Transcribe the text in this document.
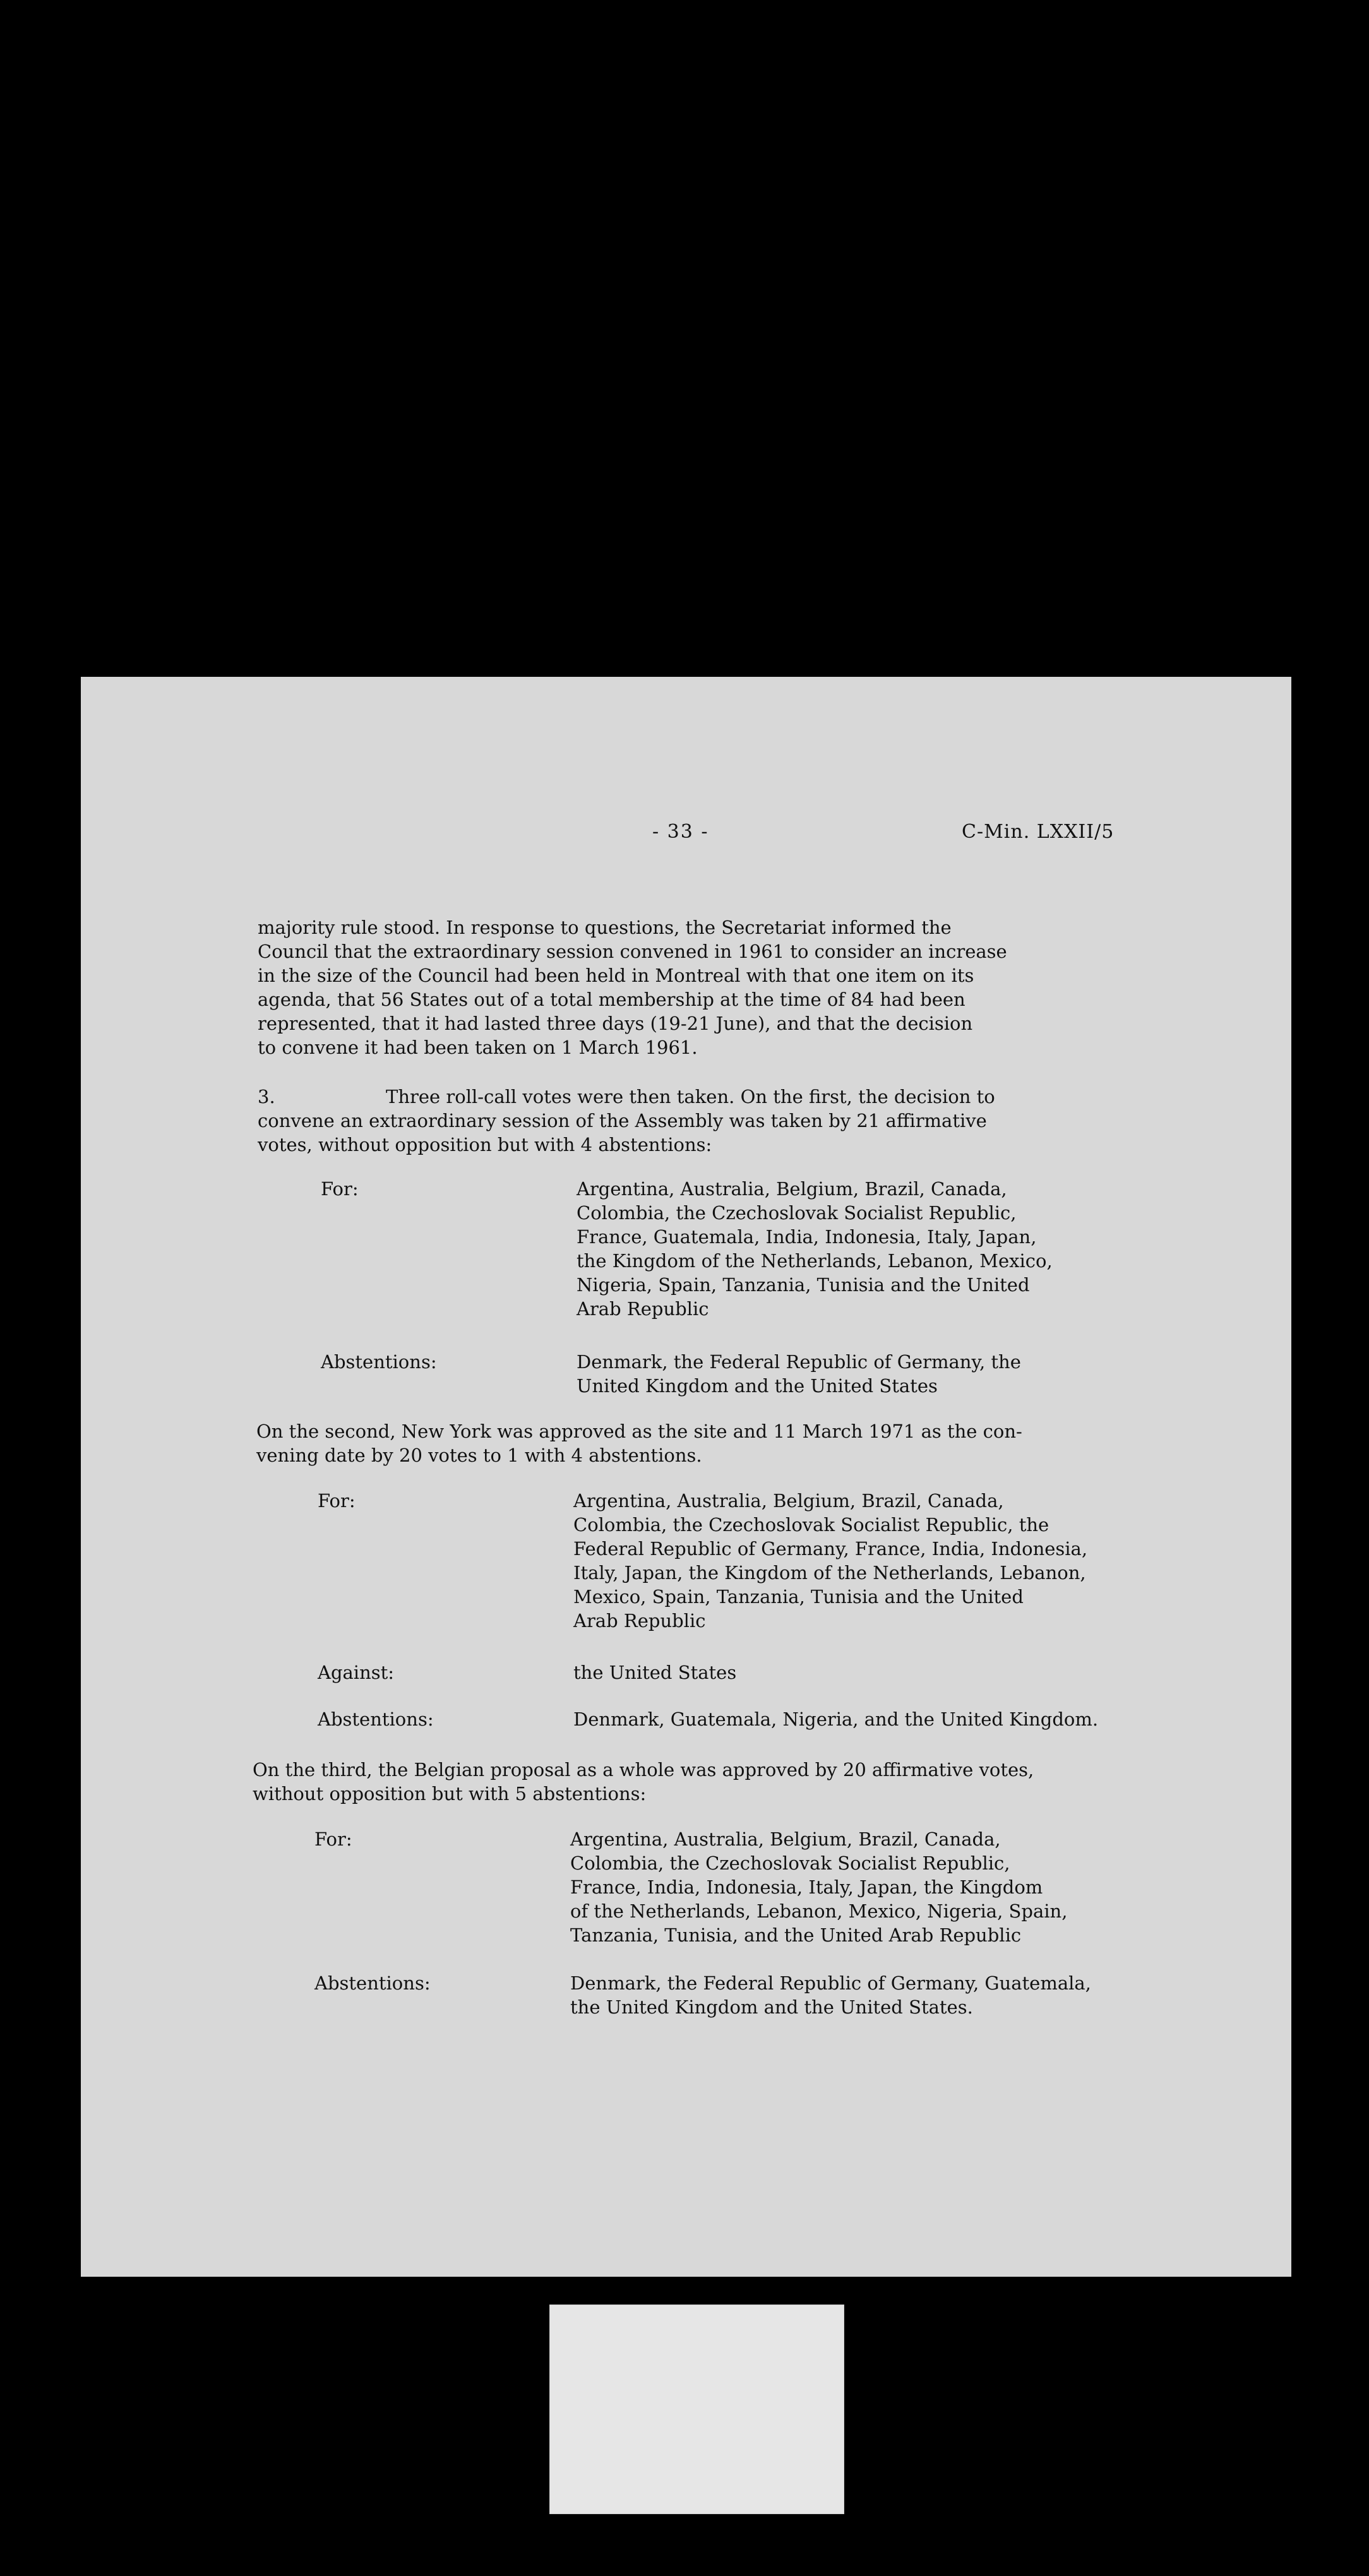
- 33 -	C-Min. LXXII/5
majority rule stood. In response to questions, the Secretariat informed the
Council that the extraordinary session convened in 1961 to consider an increase
in the size of the Council had been held in Montreal with that one item on its
agenda, that 56 States out of a total membership at the time of 84 had been
represented, that it had lasted three days (19-21 June), and that the decision
to convene it had been taken on 1 March 1961.
3.	Three roll-call votes were then taken. On the first, the decision to
convene an extraordinary session of the Assembly was taken by 21 affirmative
votes, without opposition but with 4 abstentions:
For:	Argentina, Australia, Belgium, Brazil, Canada,
Colombia, the Czechoslovak Socialist Republic,
France, Guatemala, India, Indonesia, Italy, Japan,
the Kingdom of the Netherlands, Lebanon, Mexico,
Nigeria, Spain, Tanzania, Tunisia and the United
Arab Republic
Abstentions:	Denmark, the Federal Republic of Germany, the
United Kingdom and the United States
On the second, New York was approved as the site and 11 March 1971 as the con-
vening date by 20 votes to 1 with 4 abstentions.
For:	Argentina, Australia, Belgium, Brazil, Canada,
Colombia, the Czechoslovak Socialist Republic, the
Federal Republic of Germany, France, India, Indonesia,
Italy, Japan, the Kingdom of the Netherlands, Lebanon,
Mexico, Spain, Tanzania, Tunisia and the United
Arab Republic
Against:	the United States
Abstentions:	Denmark, Guatemala, Nigeria, and the United Kingdom.
On the third, the Belgian proposal as a whole was approved by 20 affirmative votes,
without opposition but with 5 abstentions:
For:	Argentina, Australia, Belgium, Brazil, Canada,
Colombia, the Czechoslovak Socialist Republic,
France, India, Indonesia, Italy, Japan, the Kingdom
of the Netherlands, Lebanon, Mexico, Nigeria, Spain,
Tanzania, Tunisia, and the United Arab Republic
Abstentions:	Denmark, the Federal Republic of Germany, Guatemala,
the United Kingdom and the United States.
